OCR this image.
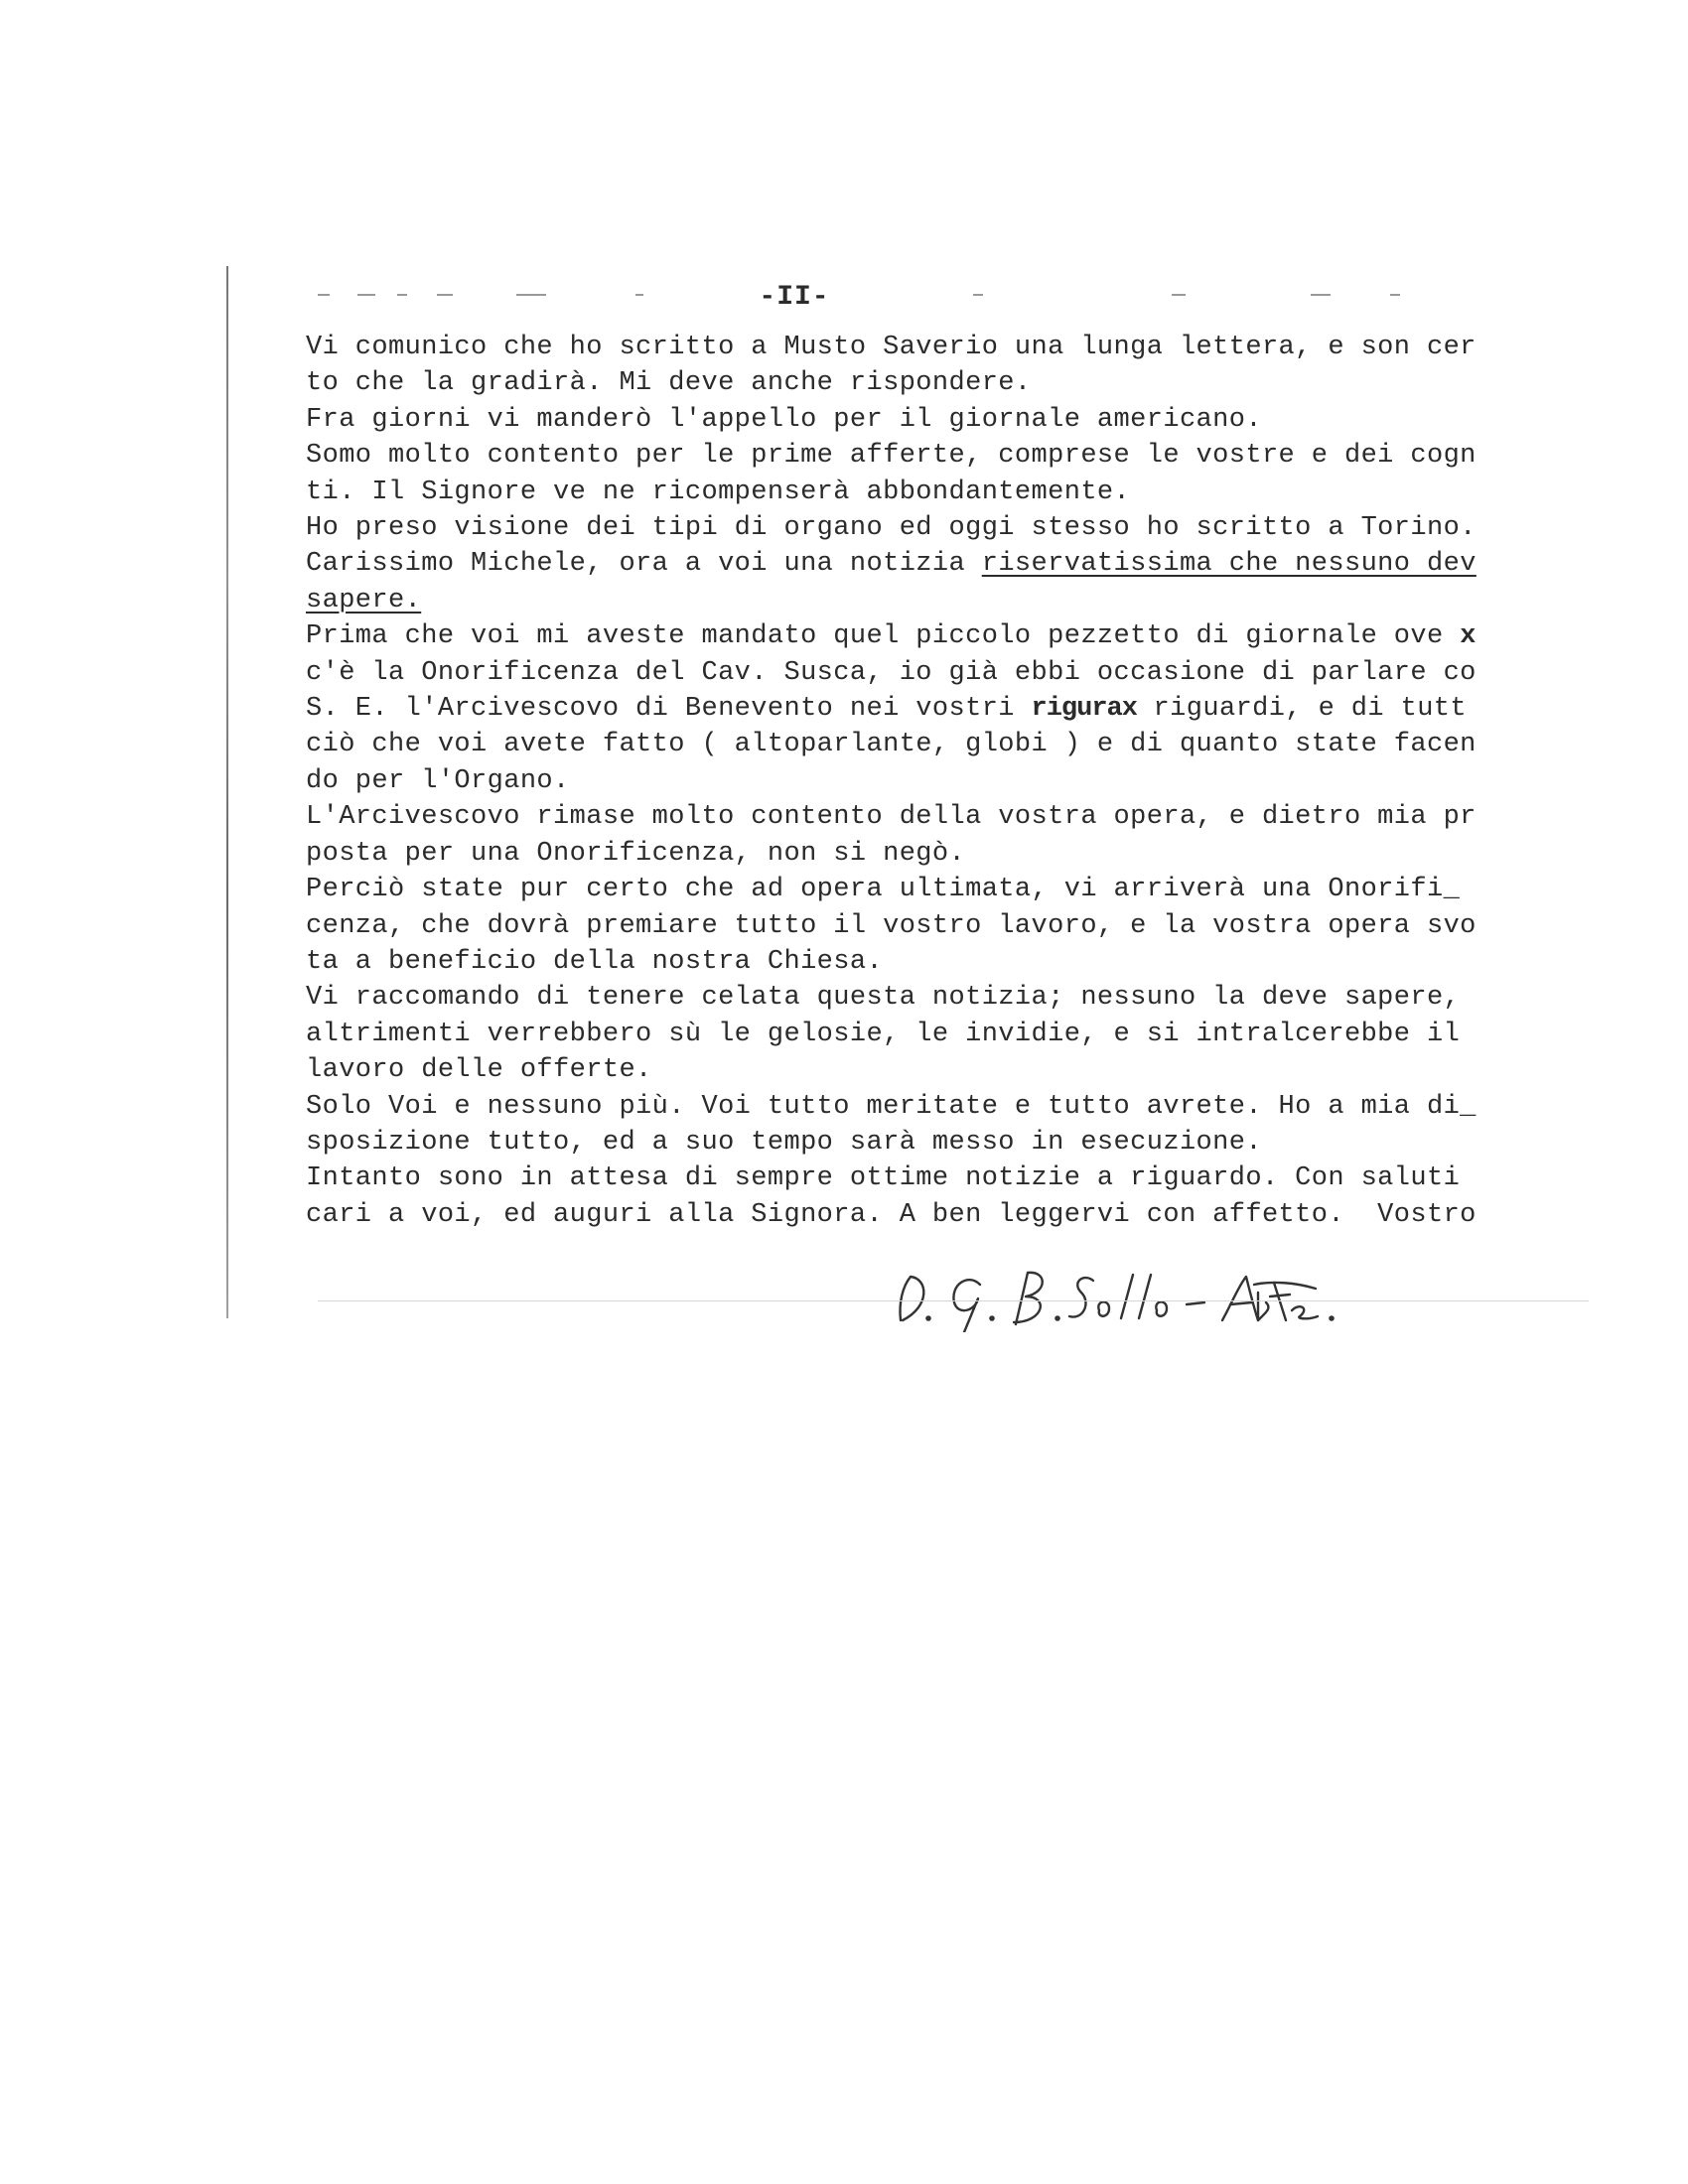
-II-
Vi comunico che ho scritto a Musto Saverio una lunga lettera, e son cer
to che la gradirà. Mi deve anche rispondere.
Fra giorni vi manderò l'appello per il giornale americano.
Somo molto contento per le prime afferte, comprese le vostre e dei cogn
ti. Il Signore ve ne ricompenserà abbondantemente.
Ho preso visione dei tipi di organo ed oggi stesso ho scritto a Torino.
Carissimo Michele, ora a voi una notizia riservatissima che nessuno dev
sapere.
Prima che voi mi aveste mandato quel piccolo pezzetto di giornale ove x
c'è la Onorificenza del Cav. Susca, io già ebbi occasione di parlare co
S. E. l'Arcivescovo di Benevento nei vostri rigurax riguardi, e di tutt
ciò che voi avete fatto ( altoparlante, globi ) e di quanto state facen
do per l'Organo.
L'Arcivescovo rimase molto contento della vostra opera, e dietro mia pr
posta per una Onorificenza, non si negò.
Perciò state pur certo che ad opera ultimata, vi arriverà una Onorifi_
cenza, che dovrà premiare tutto il vostro lavoro, e la vostra opera svo
ta a beneficio della nostra Chiesa.
Vi raccomando di tenere celata questa notizia; nessuno la deve sapere,
altrimenti verrebbero sù le gelosie, le invidie, e si intralcerebbe il
lavoro delle offerte.
Solo Voi e nessuno più. Voi tutto meritate e tutto avrete. Ho a mia di_
sposizione tutto, ed a suo tempo sarà messo in esecuzione.
Intanto sono in attesa di sempre ottime notizie a riguardo. Con saluti
cari a voi, ed auguri alla Signora. A ben leggervi con affetto.  Vostro
